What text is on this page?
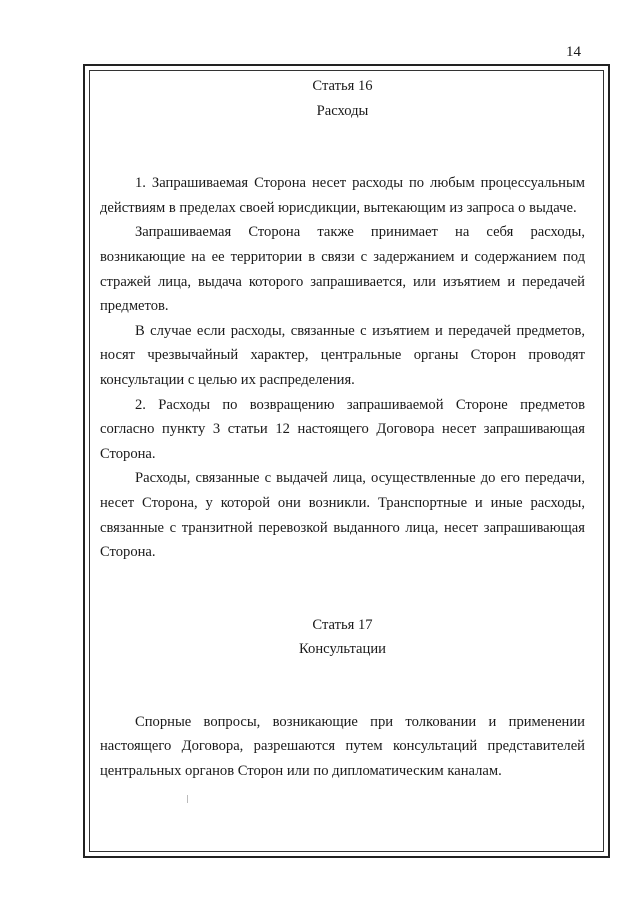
14

Статья 16

Расходы

1. Запрашиваемая Сторона несет расходы по любым процессуальным действиям в пределах своей юрисдикции, вытекающим из запроса о выдаче.

Запрашиваемая Сторона также принимает на себя расходы, возникающие на ее территории в связи с задержанием и содержанием под стражей лица, выдача которого запрашивается, или изъятием и передачей предметов.

В случае если расходы, связанные с изъятием и передачей предметов, носят чрезвычайный характер, центральные органы Сторон проводят консультации с целью их распределения.

2. Расходы по возвращению запрашиваемой Стороне предметов согласно пункту 3 статьи 12 настоящего Договора несет запрашивающая Сторона.

Расходы, связанные с выдачей лица, осуществленные до его передачи, несет Сторона, у которой они возникли. Транспортные и иные расходы, связанные с транзитной перевозкой выданного лица, несет запрашивающая Сторона.

Статья 17

Консультации

Спорные вопросы, возникающие при толковании и применении настоящего Договора, разрешаются путем консультаций представителей центральных органов Сторон или по дипломатическим каналам.
